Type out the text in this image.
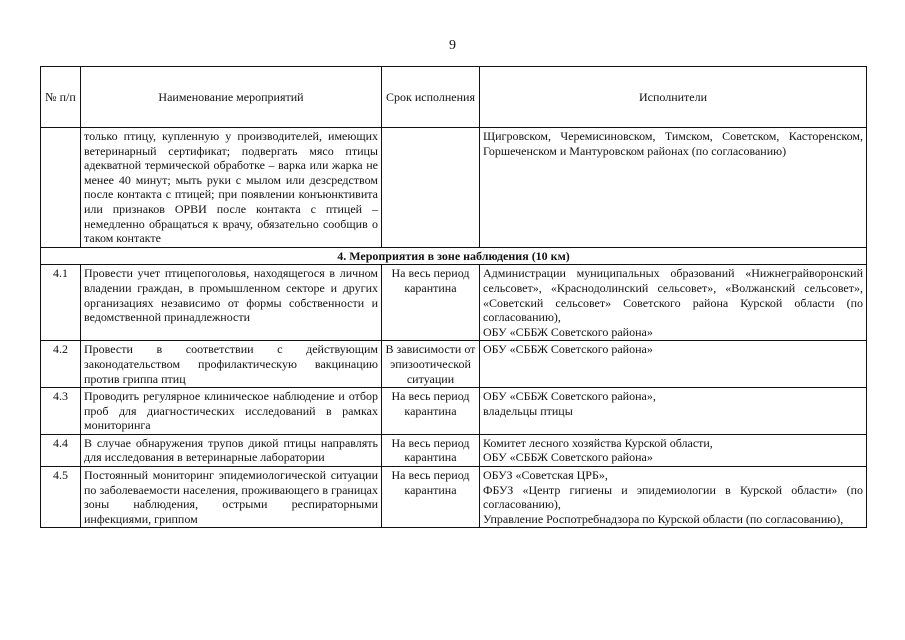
9
№ п/п	Наименование мероприятий	Срок исполнения	Исполнители
	только птицу, купленную у производителей, имеющих ветеринарный сертификат; подвергать мясо птицы адекватной термической обработке – варка или жарка не менее 40 минут; мыть руки с мылом или дезсредством после контакта с птицей; при появлении конъюнктивита или признаков ОРВИ после контакта с птицей – немедленно обращаться к врачу, обязательно сообщив о таком контакте		Щигровском, Черемисиновском, Тимском, Советском, Касторенском, Горшеченском и Мантуровском районах (по согласованию)
4. Мероприятия в зоне наблюдения (10 км)			
4.1	Провести учет птицепоголовья, находящегося в личном владении граждан, в промышленном секторе и других организациях независимо от формы собственности и ведомственной принадлежности	На весь период карантина	Администрации муниципальных образований «Нижнеграйворонский сельсовет», «Краснодолинский сельсовет», «Волжанский сельсовет», «Советский сельсовет» Советского района Курской области (по согласованию),
ОБУ «СББЖ Советского района»

4.2	Провести в соответствии с действующим законодательством профилактическую вакцинацию против гриппа птиц	В зависимости от эпизоотической ситуации	ОБУ «СББЖ Советского района»

4.3	Проводить регулярное клиническое наблюдение и отбор проб для диагностических исследований в рамках мониторинга	На весь период карантина	ОБУ «СББЖ Советского района»,
владельцы птицы

4.4	В случае обнаружения трупов дикой птицы направлять для исследования в ветеринарные лаборатории	На весь период карантина	Комитет лесного хозяйства Курской области,
ОБУ «СББЖ Советского района»

4.5	Постоянный мониторинг эпидемиологической ситуации по заболеваемости населения, проживающего в границах зоны наблюдения, острыми респираторными инфекциями, гриппом	На весь период карантина	ОБУЗ «Советская ЦРБ»,
ФБУЗ «Центр гигиены и эпидемиологии в Курской области» (по согласованию),
Управление Роспотребнадзора по Курской области (по согласованию),
